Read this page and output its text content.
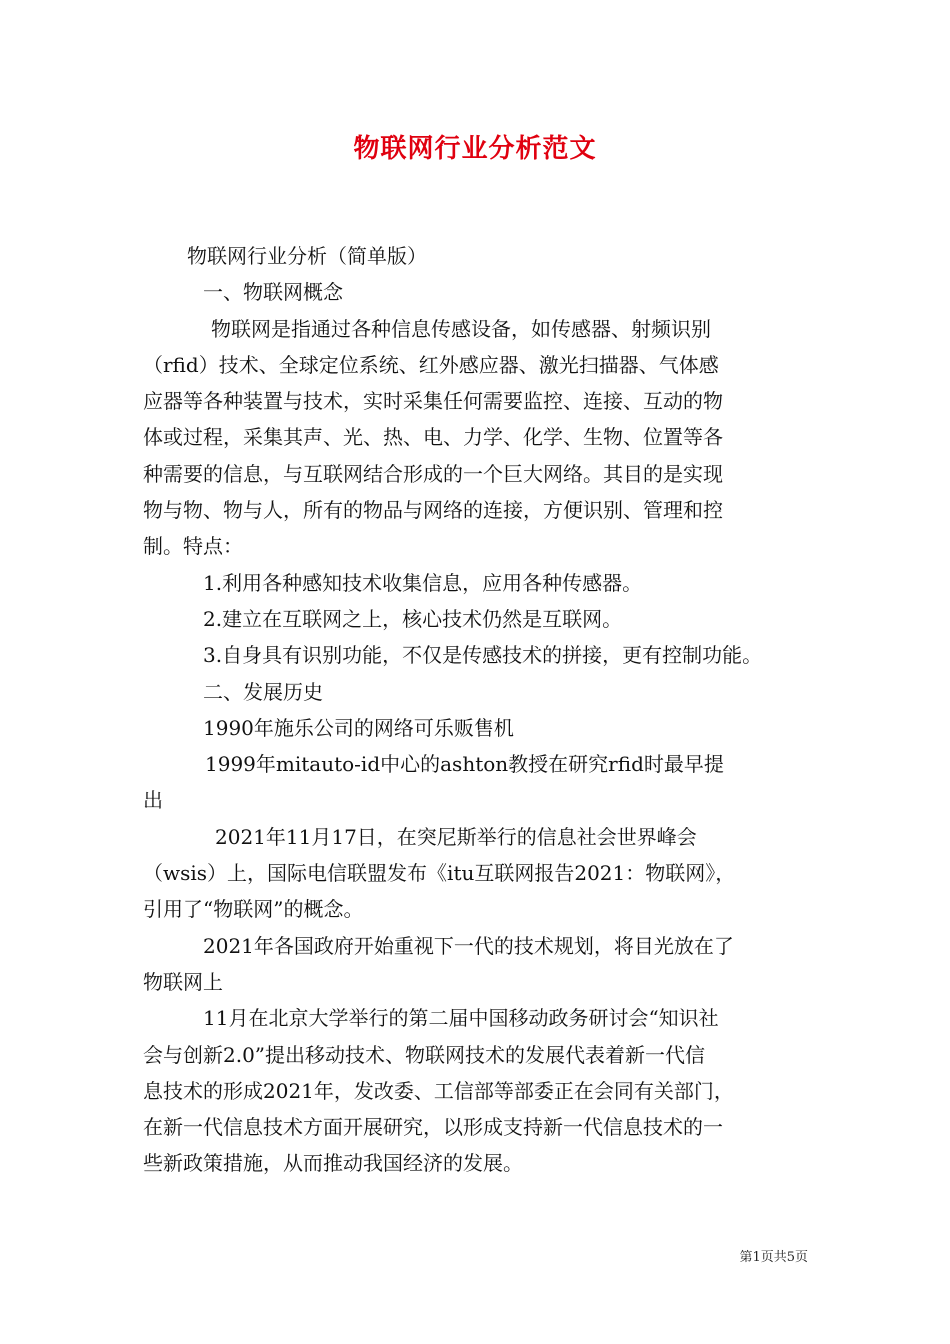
物联网行业分析范文

物联网行业分析（简单版）

一、物联网概念

物联网是指通过各种信息传感设备，如传感器、射频识别
（rfid）技术、全球定位系统、红外感应器、激光扫描器、气体感
应器等各种装置与技术，实时采集任何需要监控、连接、互动的物
体或过程，采集其声、光、热、电、力学、化学、生物、位置等各
种需要的信息，与互联网结合形成的一个巨大网络。其目的是实现
物与物、物与人，所有的物品与网络的连接，方便识别、管理和控
制。特点：

1.利用各种感知技术收集信息，应用各种传感器。

2.建立在互联网之上，核心技术仍然是互联网。

3.自身具有识别功能，不仅是传感技术的拼接，更有控制功能。

二、发展历史

1990年施乐公司的网络可乐贩售机

1999年mitauto-id中心的ashton教授在研究rfid时最早提
出

2021年11月17日，在突尼斯举行的信息社会世界峰会
（wsis）上，国际电信联盟发布《itu互联网报告2021：物联网》，
引用了“物联网”的概念。

2021年各国政府开始重视下一代的技术规划，将目光放在了
物联网上

11月在北京大学举行的第二届中国移动政务研讨会“知识社
会与创新2.0”提出移动技术、物联网技术的发展代表着新一代信
息技术的形成2021年，发改委、工信部等部委正在会同有关部门，
在新一代信息技术方面开展研究，以形成支持新一代信息技术的一
些新政策措施，从而推动我国经济的发展。

第1页共5页
